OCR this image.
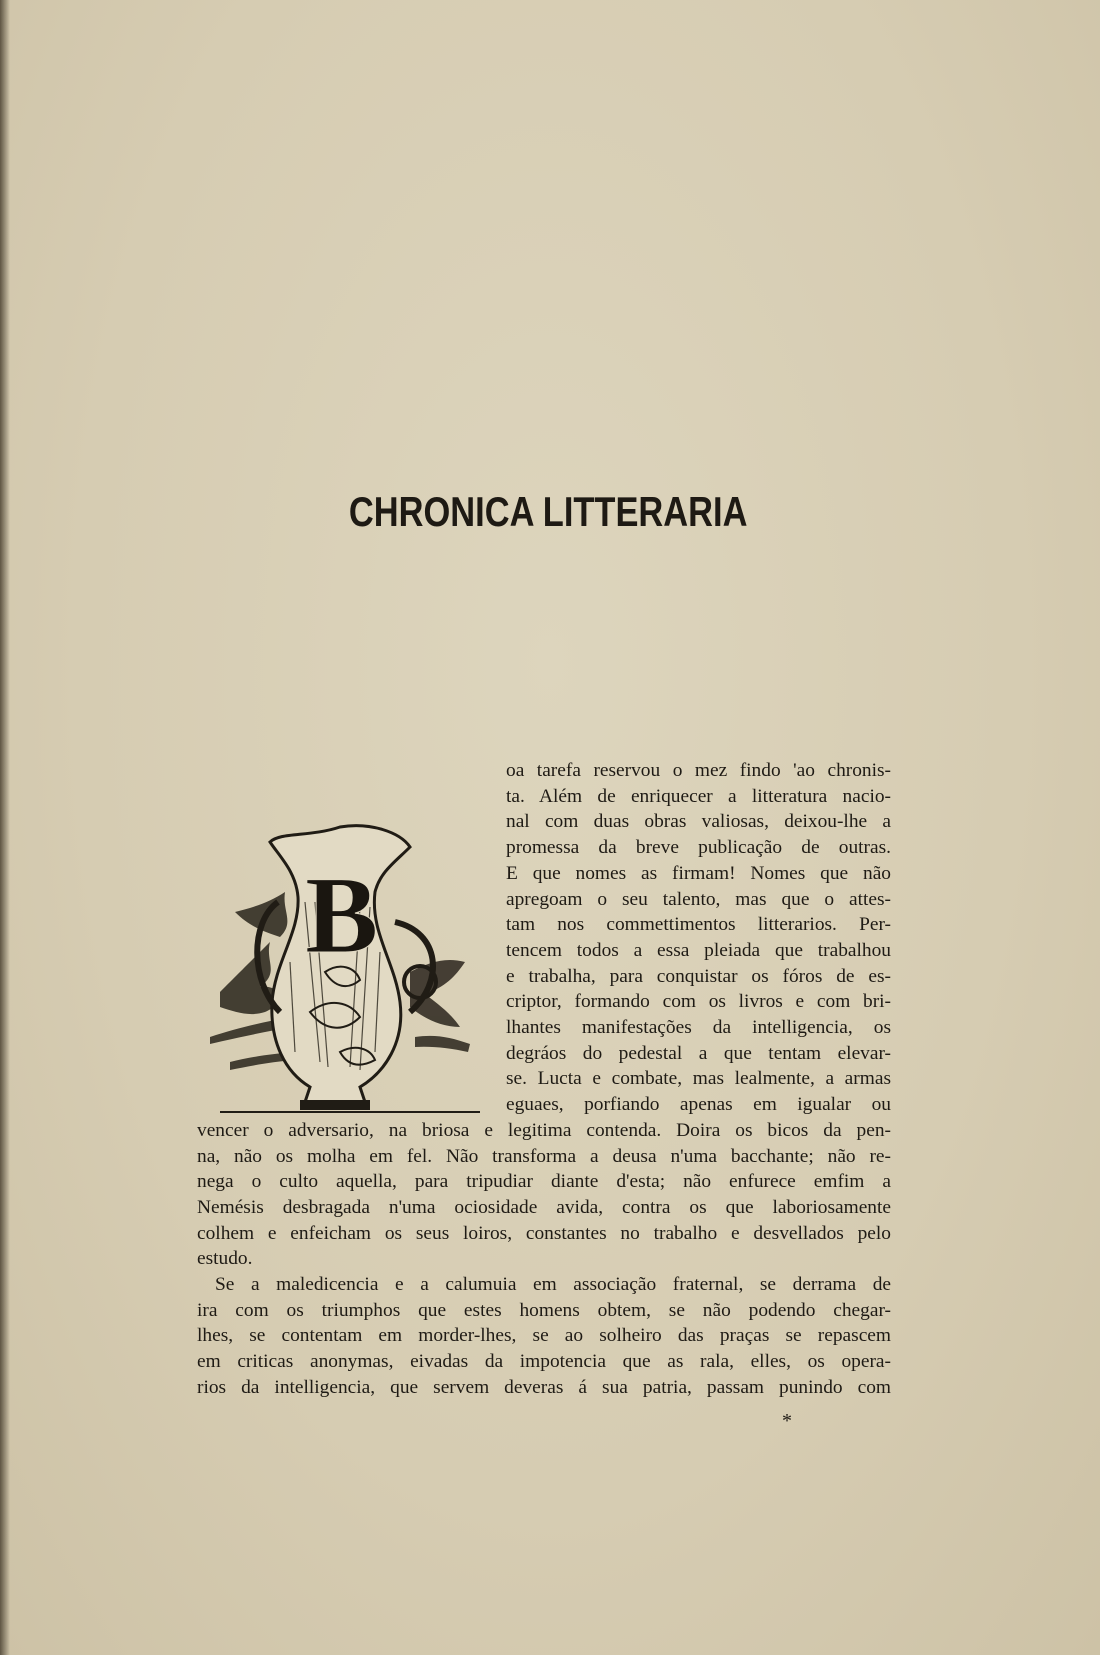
CHRONICA LITTERARIA
B
oa tarefa reservou o mez findo 'ao chronis-
ta. Além de enriquecer a litteratura nacio-
nal com duas obras valiosas, deixou-lhe a
promessa da breve publicação de outras.
E que nomes as firmam! Nomes que não
apregoam o seu talento, mas que o attes-
tam nos commettimentos litterarios. Per-
tencem todos a essa pleiada que trabalhou
e trabalha, para conquistar os fóros de es-
criptor, formando com os livros e com bri-
lhantes manifestações da intelligencia, os
degráos do pedestal a que tentam elevar-
se. Lucta e combate, mas lealmente, a armas
eguaes, porfiando apenas em igualar ou
vencer o adversario, na briosa e legitima contenda. Doira os bicos da pen-
na, não os molha em fel. Não transforma a deusa n'uma bacchante; não re-
nega o culto aquella, para tripudiar diante d'esta; não enfurece emfim a
Nemésis desbragada n'uma ociosidade avida, contra os que laboriosamente
colhem e enfeicham os seus loiros, constantes no trabalho e desvellados pelo
estudo.
Se a maledicencia e a calumuia em associação fraternal, se derrama de
ira com os triumphos que estes homens obtem, se não podendo chegar-
lhes, se contentam em morder-lhes, se ao solheiro das praças se repascem
em criticas anonymas, eivadas da impotencia que as rala, elles, os opera-
rios da intelligencia, que servem deveras á sua patria, passam punindo com
*
